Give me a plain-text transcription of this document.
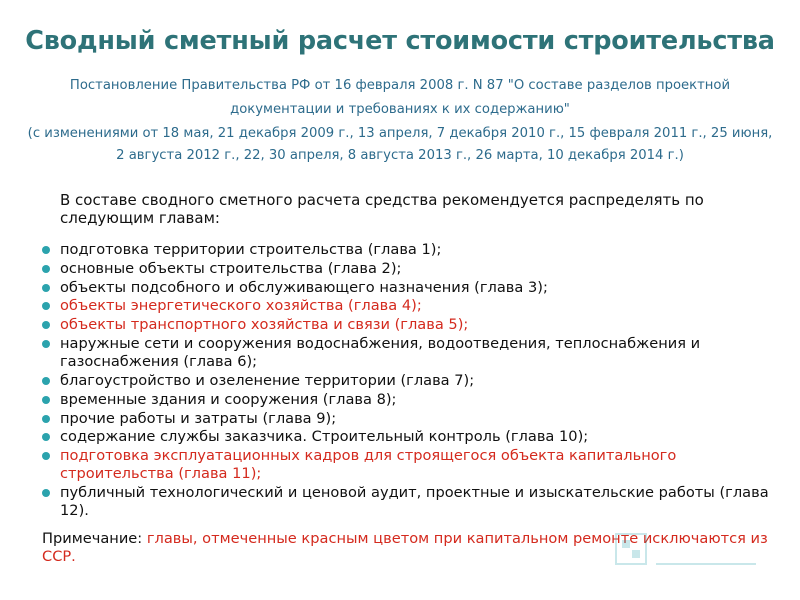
Сводный сметный расчет стоимости строительства
Постановление Правительства РФ от 16 февраля 2008 г. N 87 "О составе разделов проектной
документации и требованиях к их содержанию"
(с изменениями от 18 мая, 21 декабря 2009 г., 13 апреля, 7 декабря 2010 г., 15 февраля 2011 г., 25 июня, 2 августа 2012 г., 22, 30 апреля, 8 августа 2013 г., 26 марта, 10 декабря 2014 г.)
В составе сводного сметного расчета средства рекомендуется распределять по следующим главам:
подготовка территории строительства (глава 1);
основные объекты строительства (глава 2);
объекты подсобного и обслуживающего назначения (глава 3);
объекты энергетического хозяйства (глава 4);
объекты транспортного хозяйства и связи (глава 5);
наружные сети и сооружения водоснабжения, водоотведения, теплоснабжения и газоснабжения (глава 6);
благоустройство и озеленение территории (глава 7);
временные здания и сооружения (глава 8);
прочие работы и затраты (глава 9);
содержание службы заказчика. Строительный контроль (глава 10);
подготовка эксплуатационных кадров для строящегося объекта капитального строительства (глава 11);
публичный технологический и ценовой аудит, проектные и изыскательские работы (глава 12).
Примечание: главы, отмеченные красным цветом при капитальном ремонте исключаются из ССР.
